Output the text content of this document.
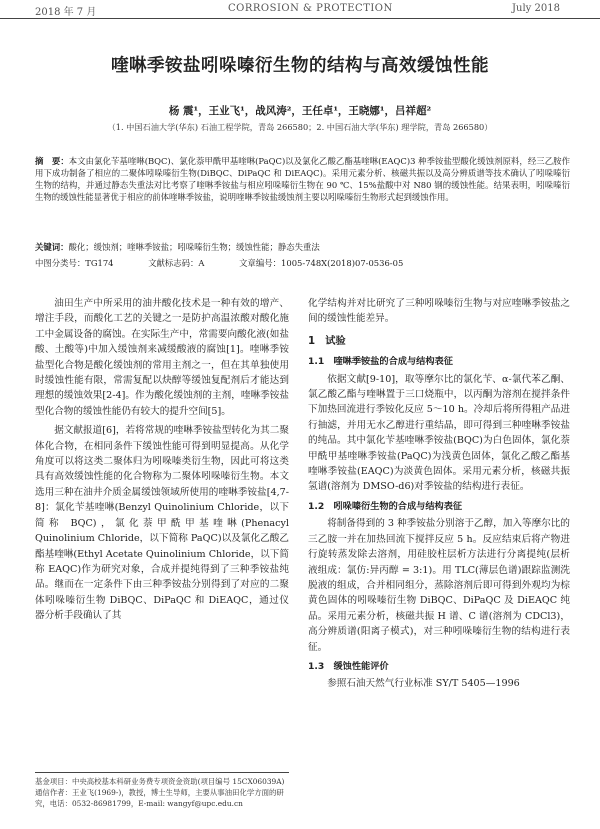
2018 年 7 月	CORROSION & PROTECTION	July 2018
喹啉季铵盐吲哚嗪衍生物的结构与高效缓蚀性能
杨 震¹，王业飞¹，战风涛²，王任卓¹，王晓娜¹，吕祥超²
（1. 中国石油大学(华东) 石油工程学院，青岛 266580；2. 中国石油大学(华东) 理学院，青岛 266580）
摘　要：本文由氯化苄基喹啉(BQC)、氯化萘甲酰甲基喹啉(PaQC)以及氯化乙酸乙酯基喹啉(EAQC)3 种季铵盐型酸化缓蚀剂原料，经三乙胺作用下成功制备了相应的二聚体吲哚嗪衍生物(DiBQC、DiPaQC 和 DiEAQC)。采用元素分析、核磁共振以及高分辨质谱等技术确认了吲哚嗪衍生物的结构，并通过静态失重法对比考察了喹啉季铵盐与相应吲哚嗪衍生物在 90 ℃、15%盐酸中对 N80 钢的缓蚀性能。结果表明，吲哚嗪衍生物的缓蚀性能显著优于相应的前体喹啉季铵盐，说明喹啉季铵盐缓蚀剂主要以吲哚嗪衍生物形式起到缓蚀作用。
关键词：酸化；缓蚀剂；喹啉季铵盐；吲哚嗪衍生物；缓蚀性能；静态失重法
中图分类号：TG174	文献标志码：A	文章编号：1005-748X(2018)07-0536-05

油田生产中所采用的油井酸化技术是一种有效的增产、增注手段，而酸化工艺的关键之一是防护高温浓酸对酸化施工中金属设备的腐蚀。在实际生产中，常需要向酸化液(如盐酸、土酸等)中加入缓蚀剂来减缓酸液的腐蚀[1]。喹啉季铵盐型化合物是酸化缓蚀剂的常用主剂之一，但在其单独使用时缓蚀性能有限，常需复配以炔醇等缓蚀复配剂后才能达到理想的缓蚀效果[2-4]。作为酸化缓蚀剂的主剂，喹啉季铵盐型化合物的缓蚀性能仍有较大的提升空间[5]。

据文献报道[6]，若将常规的喹啉季铵盐型转化为其二聚体化合物，在相同条件下缓蚀性能可得到明显提高。从化学角度可以将这类二聚体归为吲哚嗪类衍生物，因此可将这类具有高效缓蚀性能的化合物称为二聚体吲哚嗪衍生物。本文选用三种在油井介质金属缓蚀领域所使用的喹啉季铵盐[4,7-8]：氯化苄基喹啉(Benzyl Quinolinium Chloride，以下简称 BQC)，氯化萘甲酰甲基喹啉(Phenacyl Quinolinium Chloride，以下简称 PaQC)以及氯化乙酸乙酯基喹啉(Ethyl Acetate Quinolinium Chloride，以下简称 EAQC)作为研究对象，合成并提纯得到了三种季铵盐纯品。继而在一定条件下由三种季铵盐分别得到了对应的二聚体吲哚嗪衍生物 DiBQC、DiPaQC 和 DiEAQC，通过仪器分析手段确认了其

基金项目：中央高校基本科研业务费专项资金资助(项目编号 15CX06039A)
通信作者：王业飞(1969-)，教授，博士生导师，主要从事油田化学方面的研究，电话：0532-86981799，E-mail: wangyf@upc.edu.cn

化学结构并对比研究了三种吲哚嗪衍生物与对应喹啉季铵盐之间的缓蚀性能差异。

1　试验
1.1　喹啉季铵盐的合成与结构表征

依据文献[9-10]，取等摩尔比的氯化苄、α-氯代苯乙酮、氯乙酸乙酯与喹啉置于三口烧瓶中，以丙酮为溶剂在搅拌条件下加热回流进行季铵化反应 5～10 h。冷却后将所得粗产品进行抽滤，并用无水乙醇进行重结晶，即可得到三种喹啉季铵盐的纯品。其中氯化苄基喹啉季铵盐(BQC)为白色固体，氯化萘甲酰甲基喹啉季铵盐(PaQC)为浅黄色固体，氯化乙酸乙酯基喹啉季铵盐(EAQC)为淡黄色固体。采用元素分析，核磁共振氢谱(溶剂为 DMSO-d6)对季铵盐的结构进行表征。

1.2　吲哚嗪衍生物的合成与结构表征

将制备得到的 3 种季铵盐分别溶于乙醇，加入等摩尔比的三乙胺一并在加热回流下搅拌反应 5 h。反应结束后将产物进行旋转蒸发除去溶剂，用硅胶柱层析方法进行分离提纯(层析液组成：氯仿:异丙醇 = 3:1)。用 TLC(薄层色谱)跟踪监测洗脱液的组成，合并相同组分，蒸除溶剂后即可得到外观均为棕黄色固体的吲哚嗪衍生物 DiBQC、DiPaQC 及 DiEAQC 纯品。采用元素分析，核磁共振 H 谱、C 谱(溶剂为 CDCl3)，高分辨质谱(阳离子模式)，对三种吲哚嗪衍生物的结构进行表征。

1.3　缓蚀性能评价

参照石油天然气行业标准 SY/T 5405—1996
